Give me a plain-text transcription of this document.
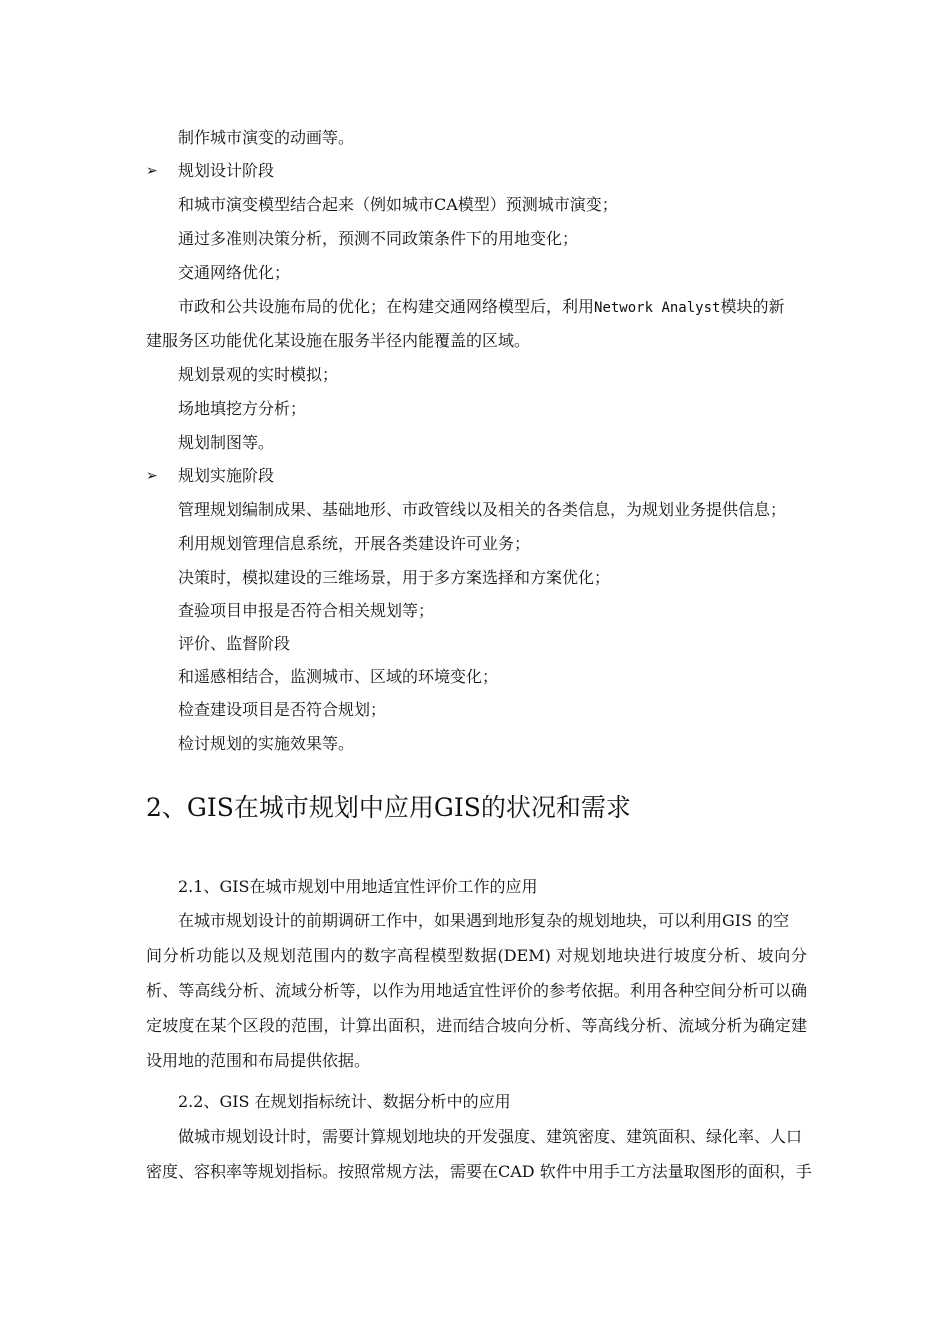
制作城市演变的动画等。
➢ 规划设计阶段
和城市演变模型结合起来（例如城市CA模型）预测城市演变；
通过多准则决策分析，预测不同政策条件下的用地变化；
交通网络优化；
市政和公共设施布局的优化；在构建交通网络模型后，利用Network Analyst模块的新
建服务区功能优化某设施在服务半径内能覆盖的区域。
规划景观的实时模拟；
场地填挖方分析；
规划制图等。
➢ 规划实施阶段
管理规划编制成果、基础地形、市政管线以及相关的各类信息，为规划业务提供信息；
利用规划管理信息系统，开展各类建设许可业务；
决策时，模拟建设的三维场景，用于多方案选择和方案优化；
查验项目申报是否符合相关规划等；
评价、监督阶段
和遥感相结合，监测城市、区域的环境变化；
检查建设项目是否符合规划；
检讨规划的实施效果等。
2、GIS在城市规划中应用GIS的状况和需求
2.1、GIS在城市规划中用地适宜性评价工作的应用
在城市规划设计的前期调研工作中，如果遇到地形复杂的规划地块，可以利用GIS 的空
间分析功能以及规划范围内的数字高程模型数据(DEM) 对规划地块进行坡度分析、坡向分
析、等高线分析、流域分析等，以作为用地适宜性评价的参考依据。利用各种空间分析可以确
定坡度在某个区段的范围，计算出面积，进而结合坡向分析、等高线分析、流域分析为确定建
设用地的范围和布局提供依据。
2.2、GIS 在规划指标统计、数据分析中的应用
做城市规划设计时，需要计算规划地块的开发强度、建筑密度、建筑面积、绿化率、人口
密度、容积率等规划指标。按照常规方法，需要在CAD 软件中用手工方法量取图形的面积，手
